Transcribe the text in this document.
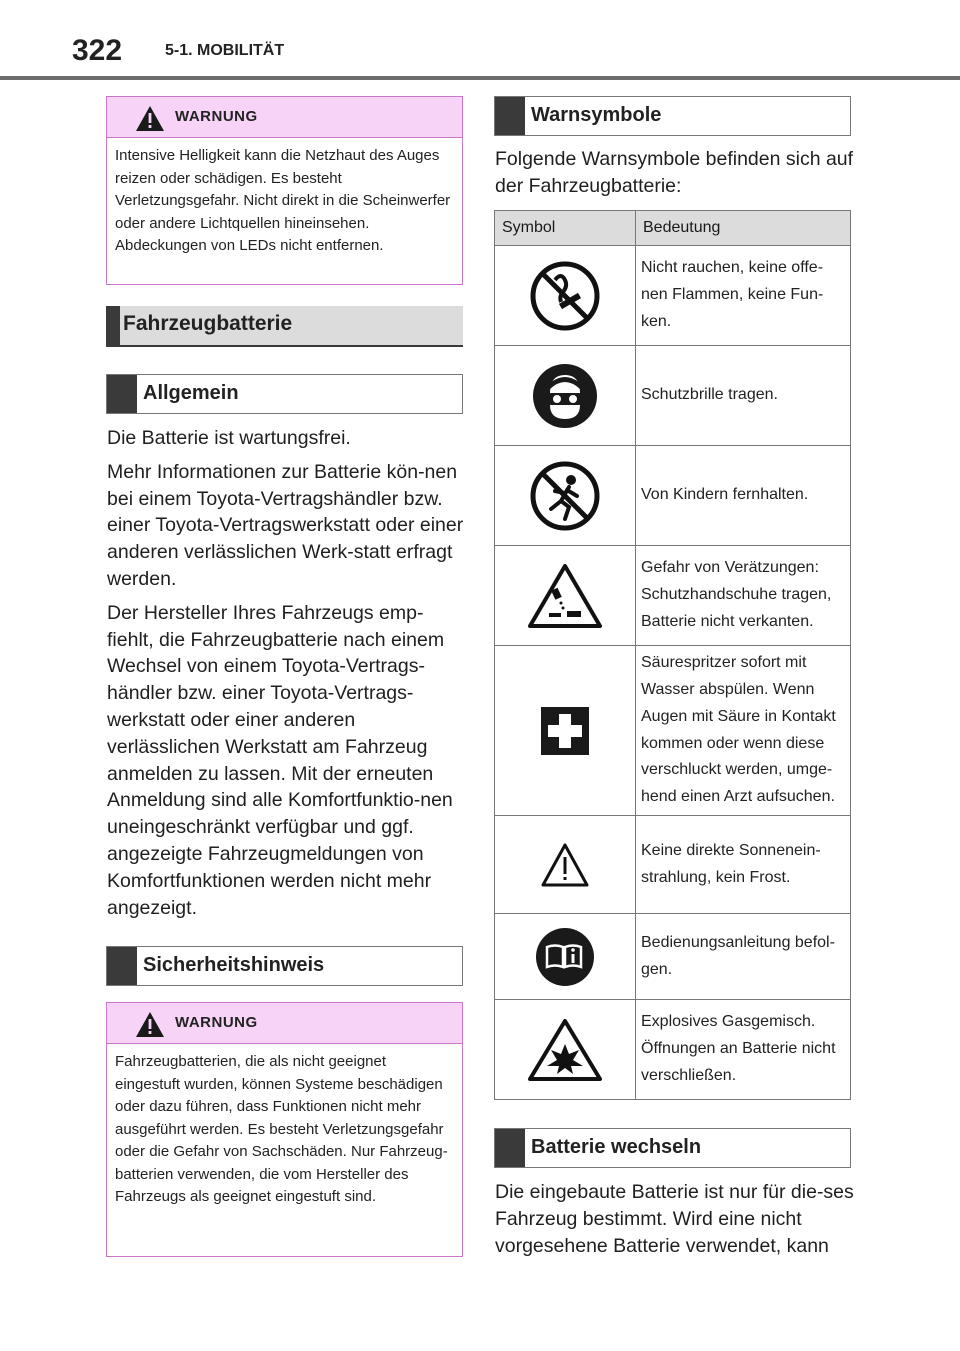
322	5-1. MOBILITÄT
WARNUNG
Intensive Helligkeit kann die Netzhaut des Auges reizen oder schädigen. Es besteht Verletzungsgefahr. Nicht direkt in die Scheinwerfer oder andere Lichtquellen hineinsehen. Abdeckungen von LEDs nicht entfernen.
Fahrzeugbatterie
Allgemein

Die Batterie ist wartungsfrei.

Mehr Informationen zur Batterie kön-nen bei einem Toyota-Vertragshändler bzw. einer Toyota-Vertragswerkstatt oder einer anderen verlässlichen Werk-statt erfragt werden.

Der Hersteller Ihres Fahrzeugs emp-fiehlt, die Fahrzeugbatterie nach einem Wechsel von einem Toyota-Vertrags-händler bzw. einer Toyota-Vertrags-werkstatt oder einer anderen verlässlichen Werkstatt am Fahrzeug anmelden zu lassen. Mit der erneuten Anmeldung sind alle Komfortfunktio-nen uneingeschränkt verfügbar und ggf. angezeigte Fahrzeugmeldungen von Komfortfunktionen werden nicht mehr angezeigt.

Sicherheitshinweis
WARNUNG
Fahrzeugbatterien, die als nicht geeignet eingestuft wurden, können Systeme beschädigen oder dazu führen, dass Funktionen nicht mehr ausgeführt werden. Es besteht Verletzungsgefahr oder die Gefahr von Sachschäden. Nur Fahrzeug-batterien verwenden, die vom Hersteller des Fahrzeugs als geeignet eingestuft sind.
Warnsymbole

Folgende Warnsymbole befinden sich auf der Fahrzeugbatterie:

Symbol	Bedeutung

	Nicht rauchen, keine offe-nen Flammen, keine Fun-ken.

	Schutzbrille tragen.

	Von Kindern fernhalten.

	Gefahr von Verätzungen: Schutzhandschuhe tragen, Batterie nicht verkanten.

	Säurespritzer sofort mit Wasser abspülen. Wenn Augen mit Säure in Kontakt kommen oder wenn diese verschluckt werden, umge-hend einen Arzt aufsuchen.

	Keine direkte Sonnenein-strahlung, kein Frost.

	Bedienungsanleitung befol-gen.

	Explosives Gasgemisch. Öffnungen an Batterie nicht verschließen.
Batterie wechseln

Die eingebaute Batterie ist nur für die-ses Fahrzeug bestimmt. Wird eine nicht vorgesehene Batterie verwendet, kann
